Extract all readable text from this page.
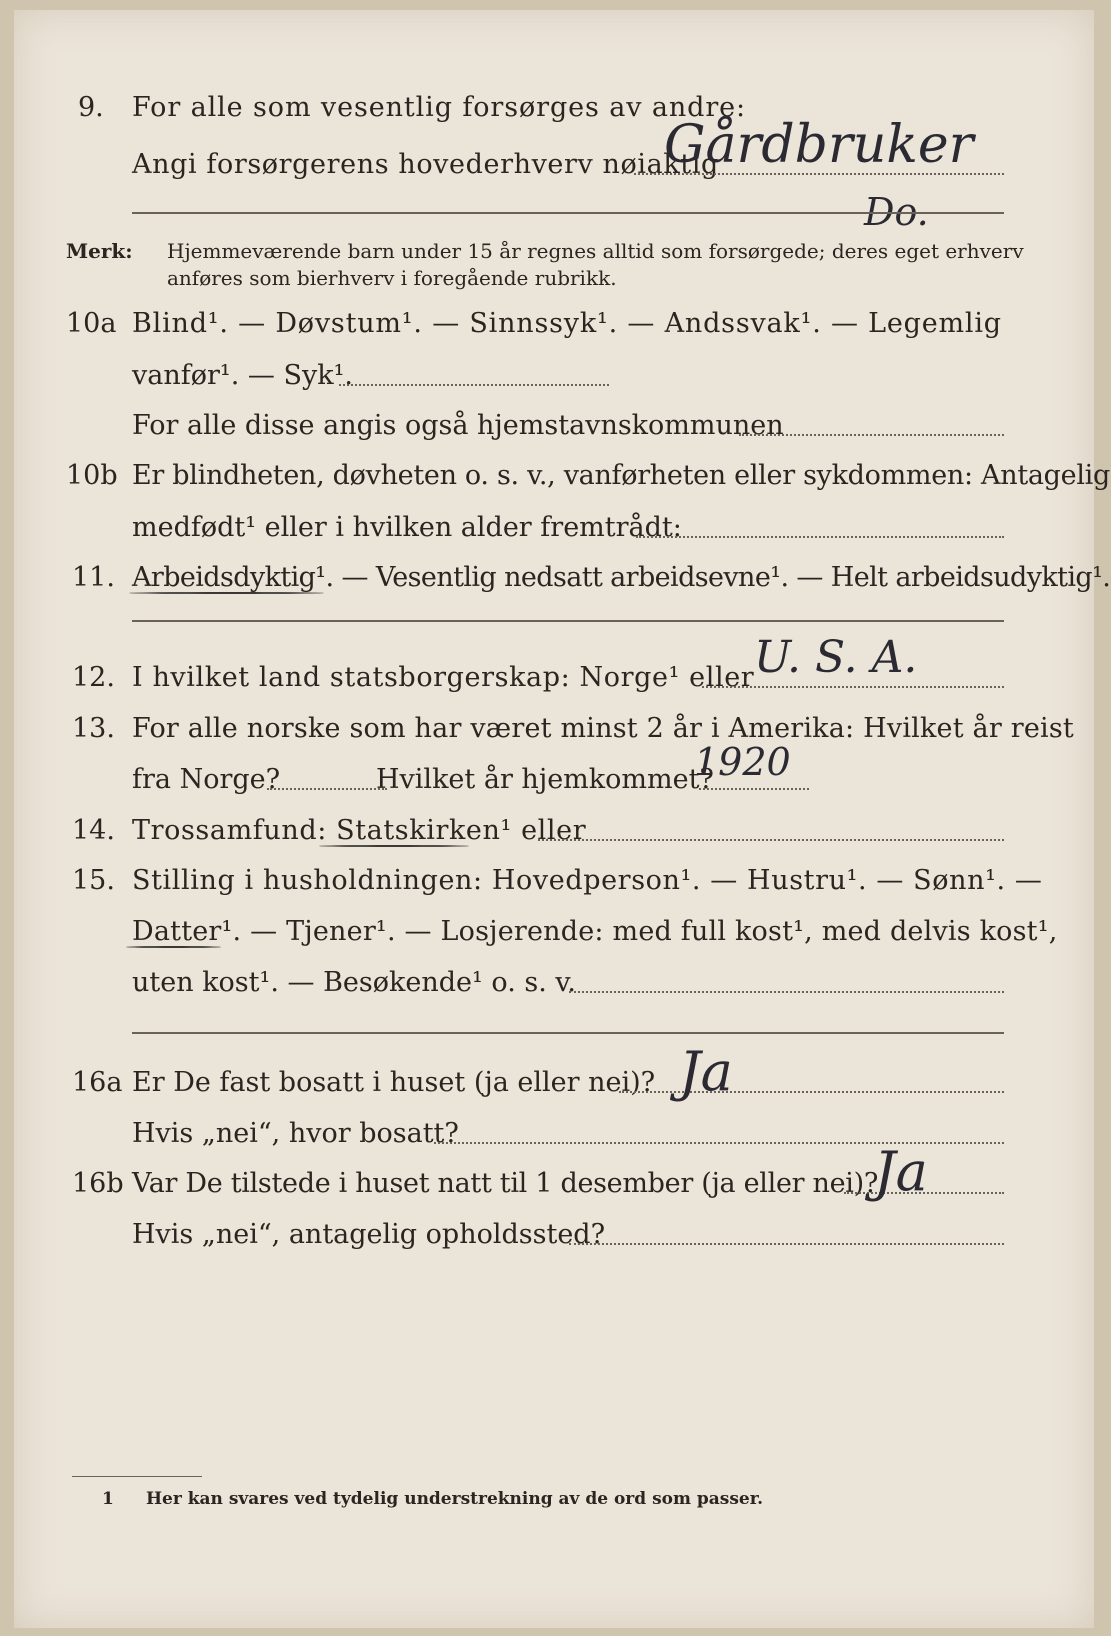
9. For alle som vesentlig forsørges av andre:
Angi forsørgerens hovederhverv nøiaktig
Gårdbruker
Do.
Merk: Hjemmeværende barn under 15 år regnes alltid som forsørgede; deres eget erhverv
anføres som bierhverv i foregående rubrikk.
10a Blind¹. — Døvstum¹. — Sinnssyk¹. — Andssvak¹. — Legemlig
vanfør¹. — Syk¹.
For alle disse angis også hjemstavnskommunen
10b Er blindheten, døvheten o. s. v., vanførheten eller sykdommen: Antagelig
medfødt¹ eller i hvilken alder fremtrådt:
11. Arbeidsdyktig¹. — Vesentlig nedsatt arbeidsevne¹. — Helt arbeidsudyktig¹.
12. I hvilket land statsborgerskap: Norge¹ eller U. S. A.
13. For alle norske som har været minst 2 år i Amerika: Hvilket år reist
fra Norge?	Hvilket år hjemkommet?
1920
14. Trossamfund: Statskirken¹ eller
15. Stilling i husholdningen: Hovedperson¹. — Hustru¹. — Sønn¹. —
Datter¹. — Tjener¹. — Losjerende: med full kost¹, med delvis kost¹,
uten kost¹. — Besøkende¹ o. s. v.
16a Er De fast bosatt i huset (ja eller nei)? Ja
Hvis „nei“, hvor bosatt?
16b Var De tilstede i huset natt til 1 desember (ja eller nei)?
Ja
Hvis „nei“, antagelig opholdssted?
1 Her kan svares ved tydelig understrekning av de ord som passer.
